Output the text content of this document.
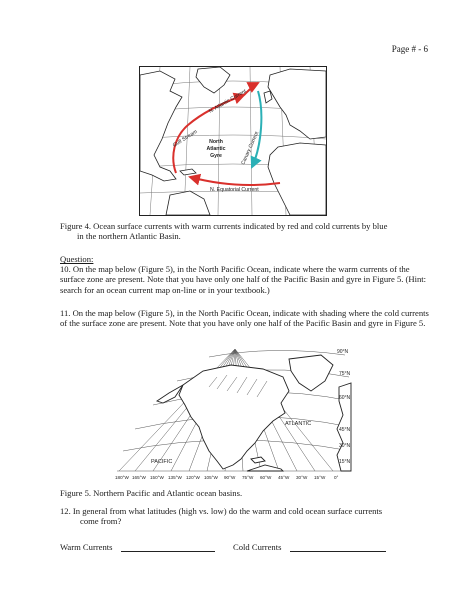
Page # - 6
Gulf Stream
N. Atlantic Current
Canary Current
North
Atlantic
Gyre
N. Equatorial Current
Figure 4. Ocean surface currents with warm currents indicated by red and cold currents by blue
in the northern Atlantic Basin.
Question:
10. On the map below (Figure 5), in the North Pacific Ocean, indicate where the warm currents of the surface zone are present. Note that you have only one half of the Pacific Basin and gyre in Figure 5. (Hint: search for an ocean current map on-line or in your textbook.)
11. On the map below (Figure 5), in the North Pacific Ocean, indicate with shading where the cold currents of the surface zone are present. Note that you have only one half of the Pacific Basin and gyre in Figure 5.
90°N
75°N
60°N
45°N
30°N
15°N
ATLANTIC
PACIFIC
180°W 165°W 150°W 135°W 120°W 105°W 90°W 75°W 60°W 45°W 30°W 15°W 0°
Figure 5. Northern Pacific and Atlantic ocean basins.
12. In general from what latitudes (high vs. low) do the warm and cold ocean surface currents
come from?
Warm Currents	Cold Currents
